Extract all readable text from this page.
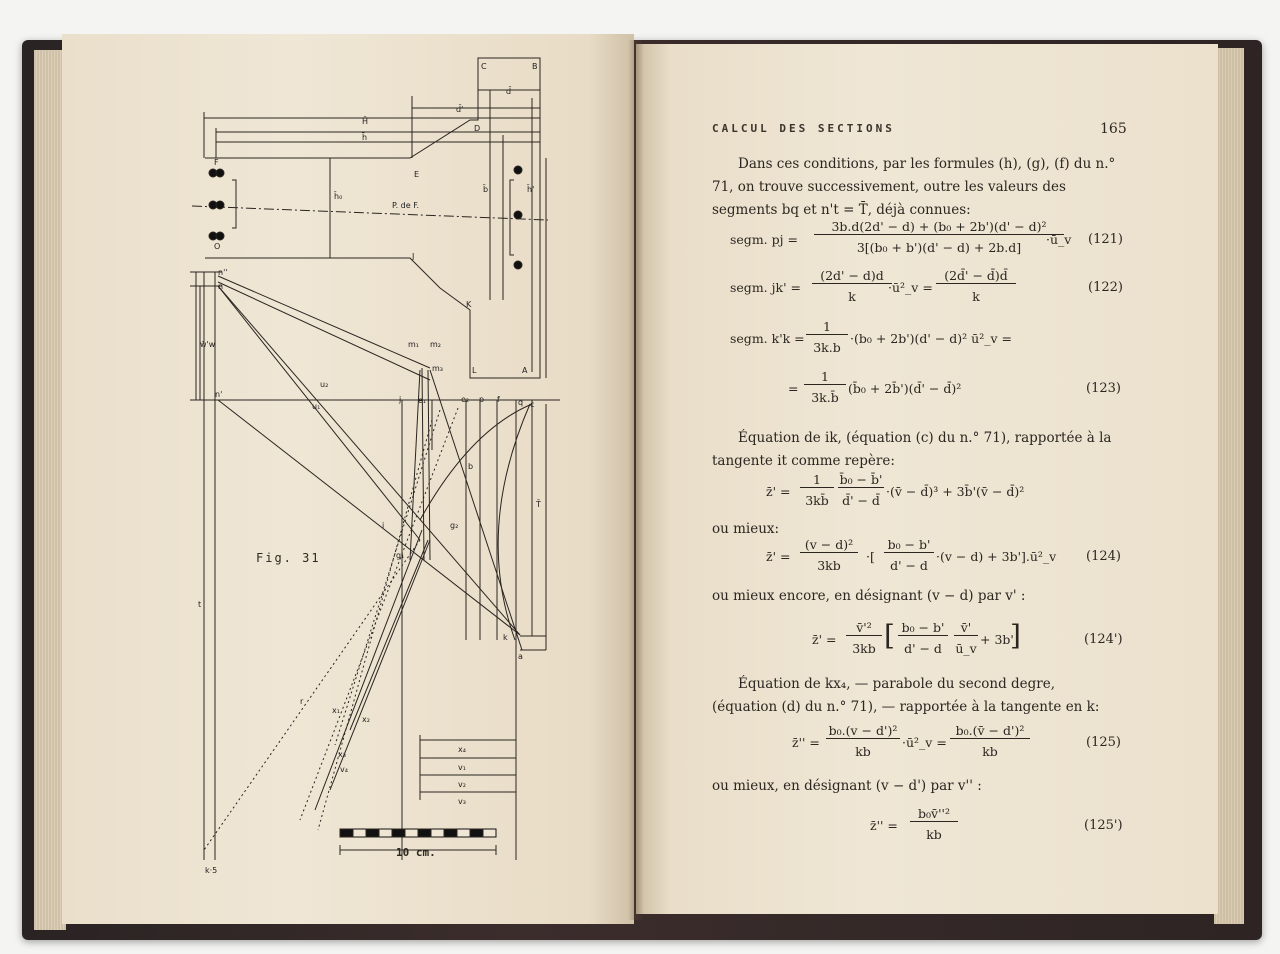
Fig. 31
10 cm.
CALCUL DES SECTIONS	165
Dans ces conditions, par les formules (h), (g), (f) du n.° 71, on trouve successivement, outre les valeurs des segments bq et n't = T̄, déjà connues:
segm. pj =
3b.d(2d' − d) + (b₀ + 2b')(d' − d)²
3[(b₀ + b')(d' − d) + 2b.d]
·ū_v (121)
segm. jk' =
(2d' − d)d
k
·ū²_v =
(2d̄' − d̄)d̄
k
(122)
segm. k'k =
1
3k.b
·(b₀ + 2b')(d' − d)² ū²_v =
=
1
3k.b̄
(b̄₀ + 2b̄')(d̄' − d̄)²	(123)
Équation de ik, (équation (c) du n.° 71), rapportée à la tangente it comme repère:
z̄' =
1
3kb̄
b̄₀ − b̄'
d̄' − d̄
·(v̄ − d̄)³ + 3b̄'(v̄ − d̄)²
ou mieux:
z̄' =
(v − d)²
3kb
·[
b₀ − b'
d' − d
·(v − d) + 3b'].ū²_v (124)
ou mieux encore, en désignant (v − d) par v' :
z̄' =
v̄'²
3kb [ b₀ − b'
d' − d
v̄'
ū_v
+ 3b'
]	(124')
Équation de kx₄, — parabole du second degre, (équation (d) du n.° 71), — rapportée à la tangente en k:
z̄'' =
b₀.(v − d')²
kb
·ū²_v =
b₀.(v̄ − d')²
kb
(125)
ou mieux, en désignant (v − d') par v'' :
z̄'' =
b₀v̄''²
kb
(125')
C	B
d̄
d̄'
D
H̄
h̄
E
F
P. de F.
h̄₀
b̄	h̄'
J
K
O
L	A
n''
n
n'
m₁ m₂
m₃
u₂
u₁
j e₁	e₂ p f q c
b
i	g₂
g₁
k
a
r
x₁
x₂
x₃
x₄
v₁
v₂
v₃
v₄
k·5
t
T̄
w̄'w
